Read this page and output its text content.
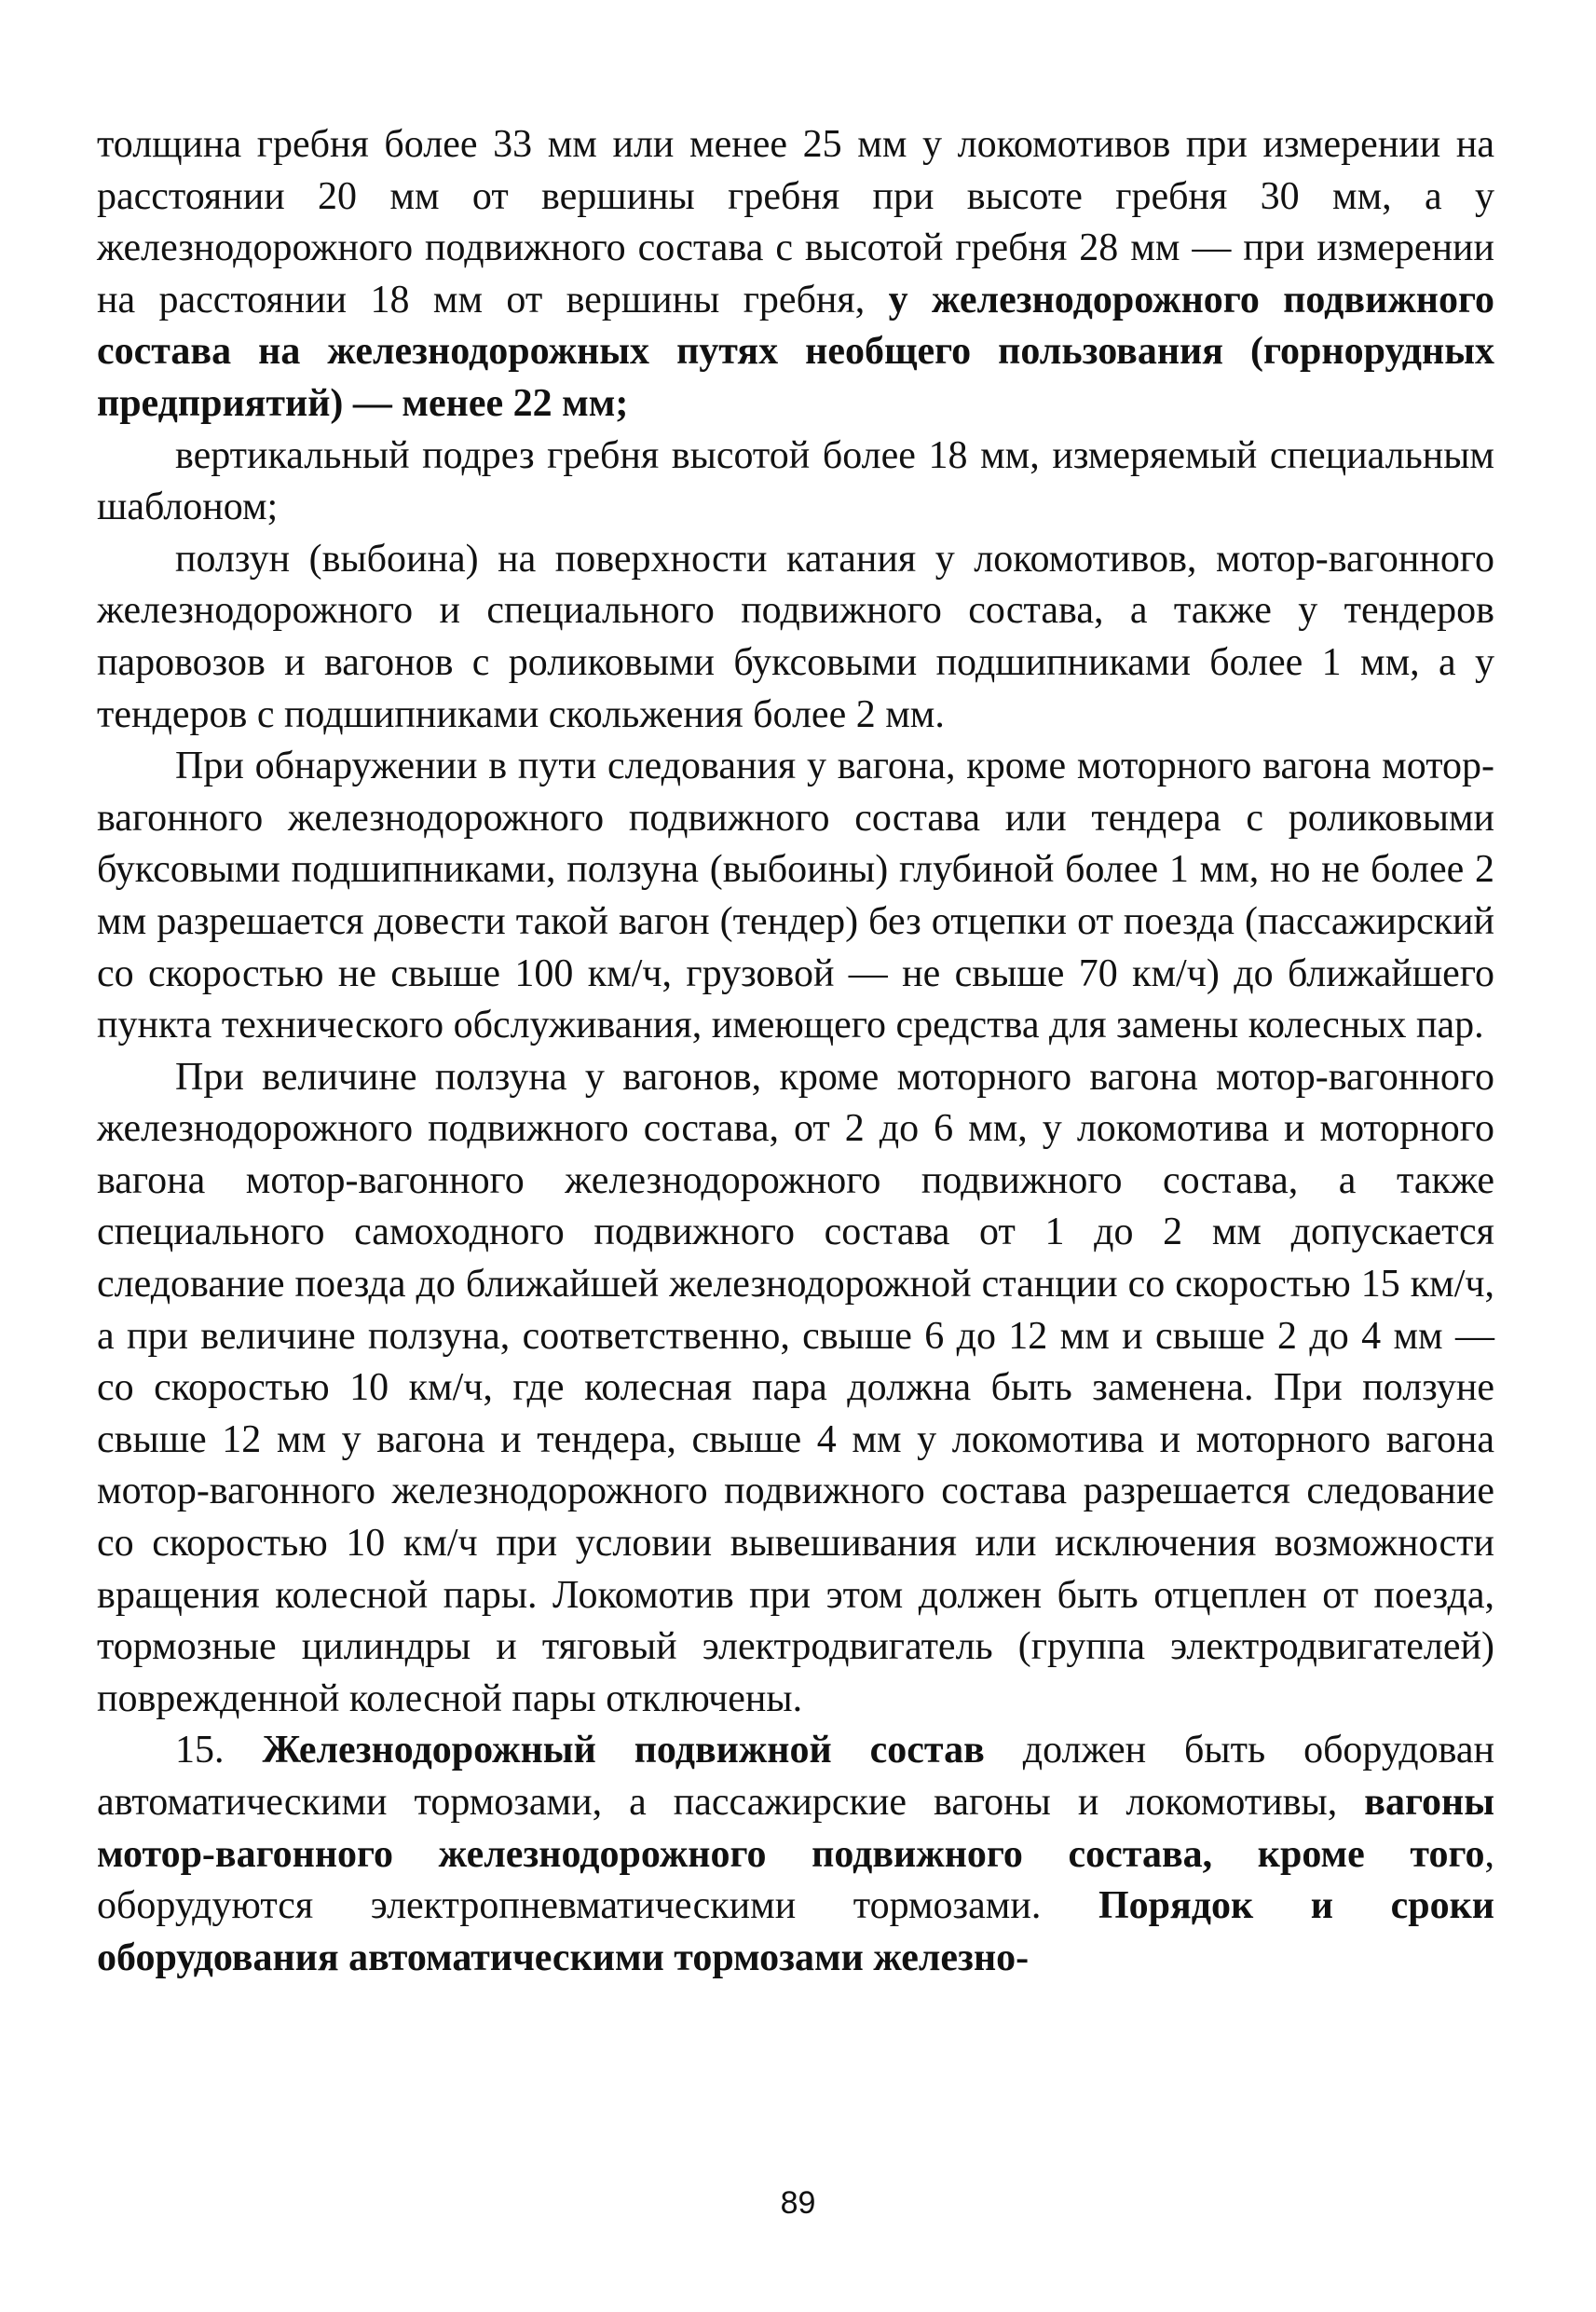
толщина гребня более 33 мм или менее 25 мм у локомотивов при измерении на расстоянии 20 мм от вершины гребня при высоте гребня 30 мм, а у железнодорожного подвижного состава с высотой гребня 28 мм — при измерении на расстоянии 18 мм от вершины гребня, у железнодорожного подвижного состава на железнодорожных путях необщего пользования (горнорудных предприятий) — менее 22 мм;

вертикальный подрез гребня высотой более 18 мм, измеряемый специальным шаблоном;

ползун (выбоина) на поверхности катания у локомотивов, мотор-вагонного железнодорожного и специального подвижного состава, а также у тендеров паровозов и вагонов с роликовыми буксовыми подшипниками более 1 мм, а у тендеров с подшипниками скольжения более 2 мм.

При обнаружении в пути следования у вагона, кроме моторного вагона мотор-вагонного железнодорожного подвижного состава или тендера с роликовыми буксовыми подшипниками, ползуна (выбоины) глубиной более 1 мм, но не более 2 мм разрешается довести такой вагон (тендер) без отцепки от поезда (пассажирский со скоростью не свыше 100 км/ч, грузовой — не свыше 70 км/ч) до ближайшего пункта технического обслуживания, имеющего средства для замены колесных пар.

При величине ползуна у вагонов, кроме моторного вагона мотор-вагонного железнодорожного подвижного состава, от 2 до 6 мм, у локомотива и моторного вагона мотор-вагонного железнодорожного подвижного состава, а также специального самоходного подвижного состава от 1 до 2 мм допускается следование поезда до ближайшей железнодорожной станции со скоростью 15 км/ч, а при величине ползуна, соответственно, свыше 6 до 12 мм и свыше 2 до 4 мм — со скоростью 10 км/ч, где колесная пара должна быть заменена. При ползуне свыше 12 мм у вагона и тендера, свыше 4 мм у локомотива и моторного вагона мотор-вагонного железнодорожного подвижного состава разрешается следование со скоростью 10 км/ч при условии вывешивания или исключения возможности вращения колесной пары. Локомотив при этом должен быть отцеплен от поезда, тормозные цилиндры и тяговый электродвигатель (группа электродвигателей) поврежденной колесной пары отключены.

15. Железнодорожный подвижной состав должен быть оборудован автоматическими тормозами, а пассажирские вагоны и локомотивы, вагоны мотор-вагонного железнодорожного подвижного состава, кроме того, оборудуются электропневматическими тормозами. Порядок и сроки оборудования автоматическими тормозами железно-

89
